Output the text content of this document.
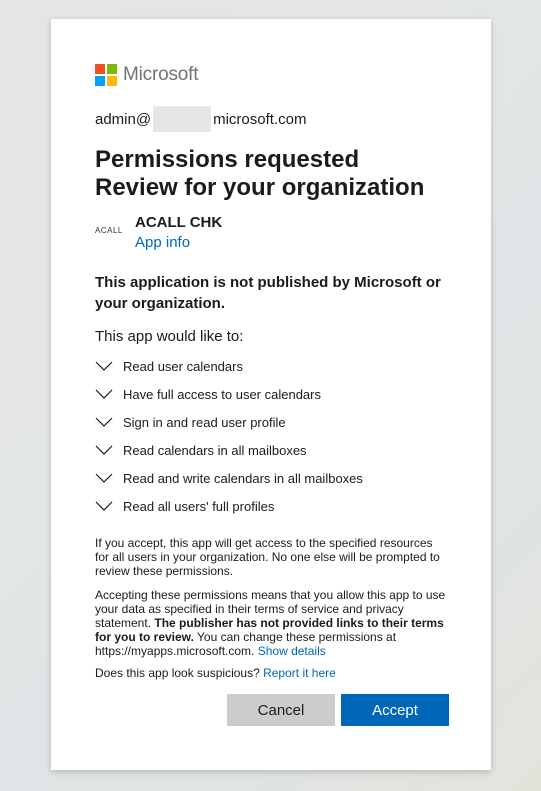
Microsoft
admin@	microsoft.com
Permissions requested
Review for your organization
ACALL ACALL CHK
App info

This application is not published by Microsoft or your organization.

This app would like to:

Read user calendars
Have full access to user calendars
Sign in and read user profile
Read calendars in all mailboxes
Read and write calendars in all mailboxes
Read all users' full profiles

If you accept, this app will get access to the specified resources for all users in your organization. No one else will be prompted to review these permissions.

Accepting these permissions means that you allow this app to use your data as specified in their terms of service and privacy statement. The publisher has not provided links to their terms for you to review. You can change these permissions at https://myapps.microsoft.com. Show details

Does this app look suspicious? Report it here

Cancel	Accept
